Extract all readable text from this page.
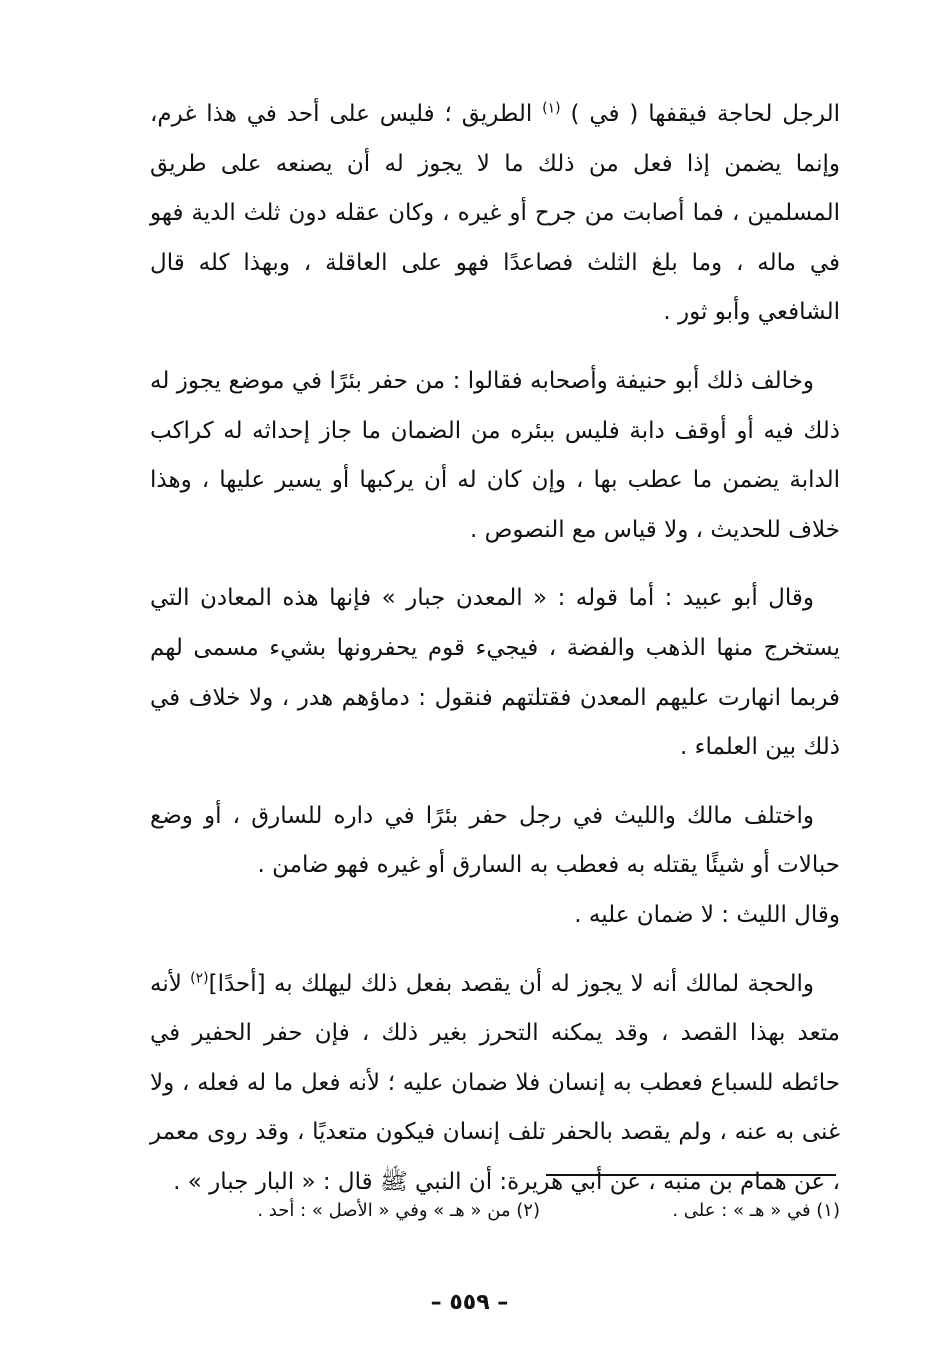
الرجل لحاجة فيقفها ( في ) $^{(١)}$ الطريق ؛ فليس على أحد في هذا غرم، وإنما يضمن إذا فعل من ذلك ما لا يجوز له أن يصنعه على طريق المسلمين ، فما أصابت من جرح أو غيره ، وكان عقله دون ثلث الدية فهو في ماله ، وما بلغ الثلث فصاعدًا فهو على العاقلة ، وبهذا كله قال الشافعي وأبو ثور .

وخالف ذلك أبو حنيفة وأصحابه فقالوا : من حفر بئرًا في موضع يجوز له ذلك فيه أو أوقف دابة فليس ببئره من الضمان ما جاز إحداثه له كراكب الدابة يضمن ما عطب بها ، وإن كان له أن يركبها أو يسير عليها ، وهذا خلاف للحديث ، ولا قياس مع النصوص .

وقال أبو عبيد : أما قوله : « المعدن جبار » فإنها هذه المعادن التي يستخرج منها الذهب والفضة ، فيجيء قوم يحفرونها بشيء مسمى لهم فربما انهارت عليهم المعدن فقتلتهم فنقول : دماؤهم هدر ، ولا خلاف في ذلك بين العلماء .

واختلف مالك والليث في رجل حفر بئرًا في داره للسارق ، أو وضع حبالات أو شيئًا يقتله به فعطب به السارق أو غيره فهو ضامن .
وقال الليث : لا ضمان عليه .

والحجة لمالك أنه لا يجوز له أن يقصد بفعل ذلك ليهلك به [أحدًا]$^{(٢)}$ لأنه متعد بهذا القصد ، وقد يمكنه التحرز بغير ذلك ، فإن حفر الحفير في حائطه للسباع فعطب به إنسان فلا ضمان عليه ؛ لأنه فعل ما له فعله ، ولا غنى به عنه ، ولم يقصد بالحفر تلف إنسان فيكون متعديًا ، وقد روى معمر ، عن همام بن منبه ، عن أبي هريرة: أن النبي ﷺ قال : « البار جبار » .

(١) في « هـ » : على .(٢) من « هـ » وفي « الأصل » : أحد .
– ٥٥٩ –
